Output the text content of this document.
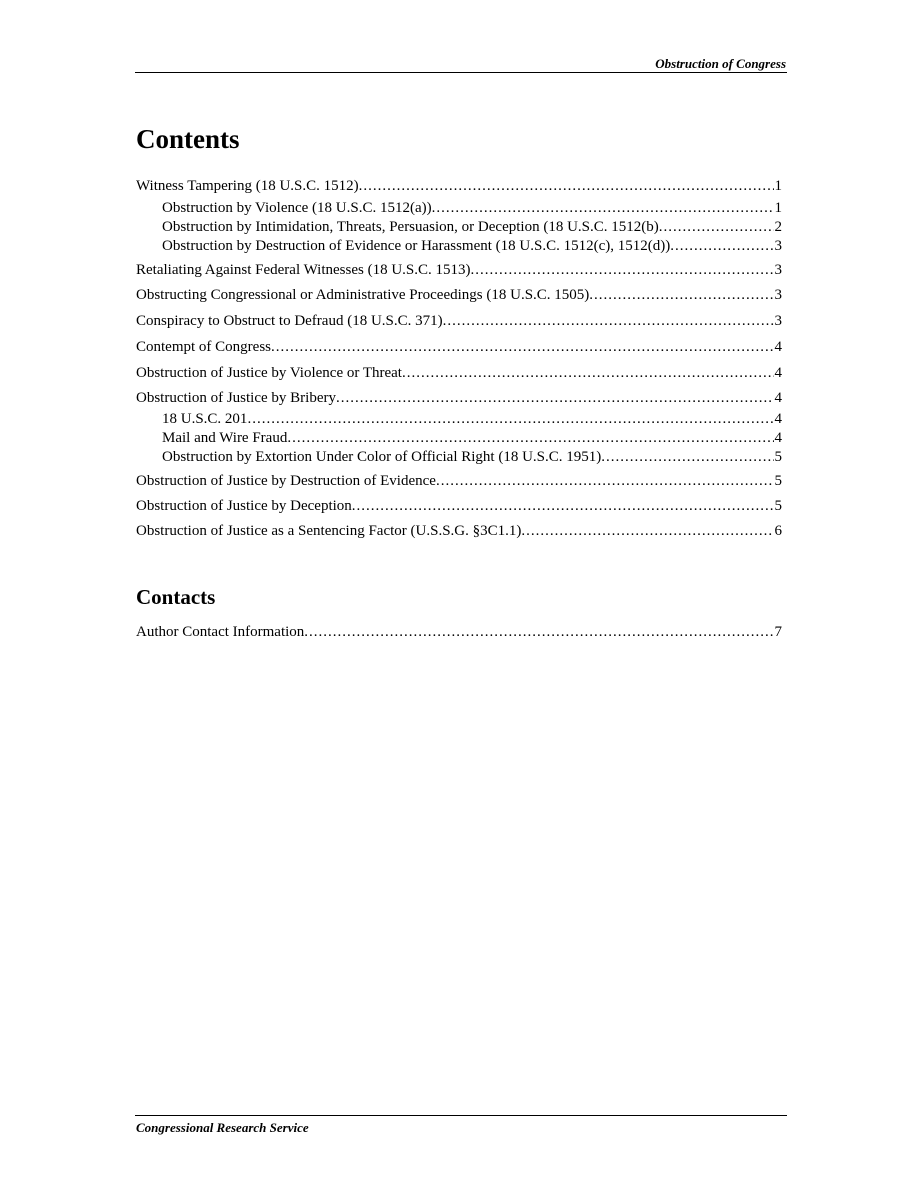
Obstruction of Congress
Contents
Witness Tampering (18 U.S.C. 1512) .....	1
Obstruction by Violence (18 U.S.C. 1512(a)) .....	1
Obstruction by Intimidation, Threats, Persuasion, or Deception (18 U.S.C. 1512(b) .....	2
Obstruction by Destruction of Evidence or Harassment (18 U.S.C. 1512(c), 1512(d)) .....	3
Retaliating Against Federal Witnesses (18 U.S.C. 1513) .....	3
Obstructing Congressional or Administrative Proceedings (18 U.S.C. 1505) .....	3
Conspiracy to Obstruct to Defraud (18 U.S.C. 371) .....	3
Contempt of Congress .....	4
Obstruction of Justice by Violence or Threat .....	4
Obstruction of Justice by Bribery .....	4
18 U.S.C. 201 .....	4
Mail and Wire Fraud .....	4
Obstruction by Extortion Under Color of Official Right (18 U.S.C. 1951) .....	5
Obstruction of Justice by Destruction of Evidence .....	5
Obstruction of Justice by Deception .....	5
Obstruction of Justice as a Sentencing Factor (U.S.S.G. §3C1.1) .....	6
Contacts
Author Contact Information .....	7
Congressional Research Service
